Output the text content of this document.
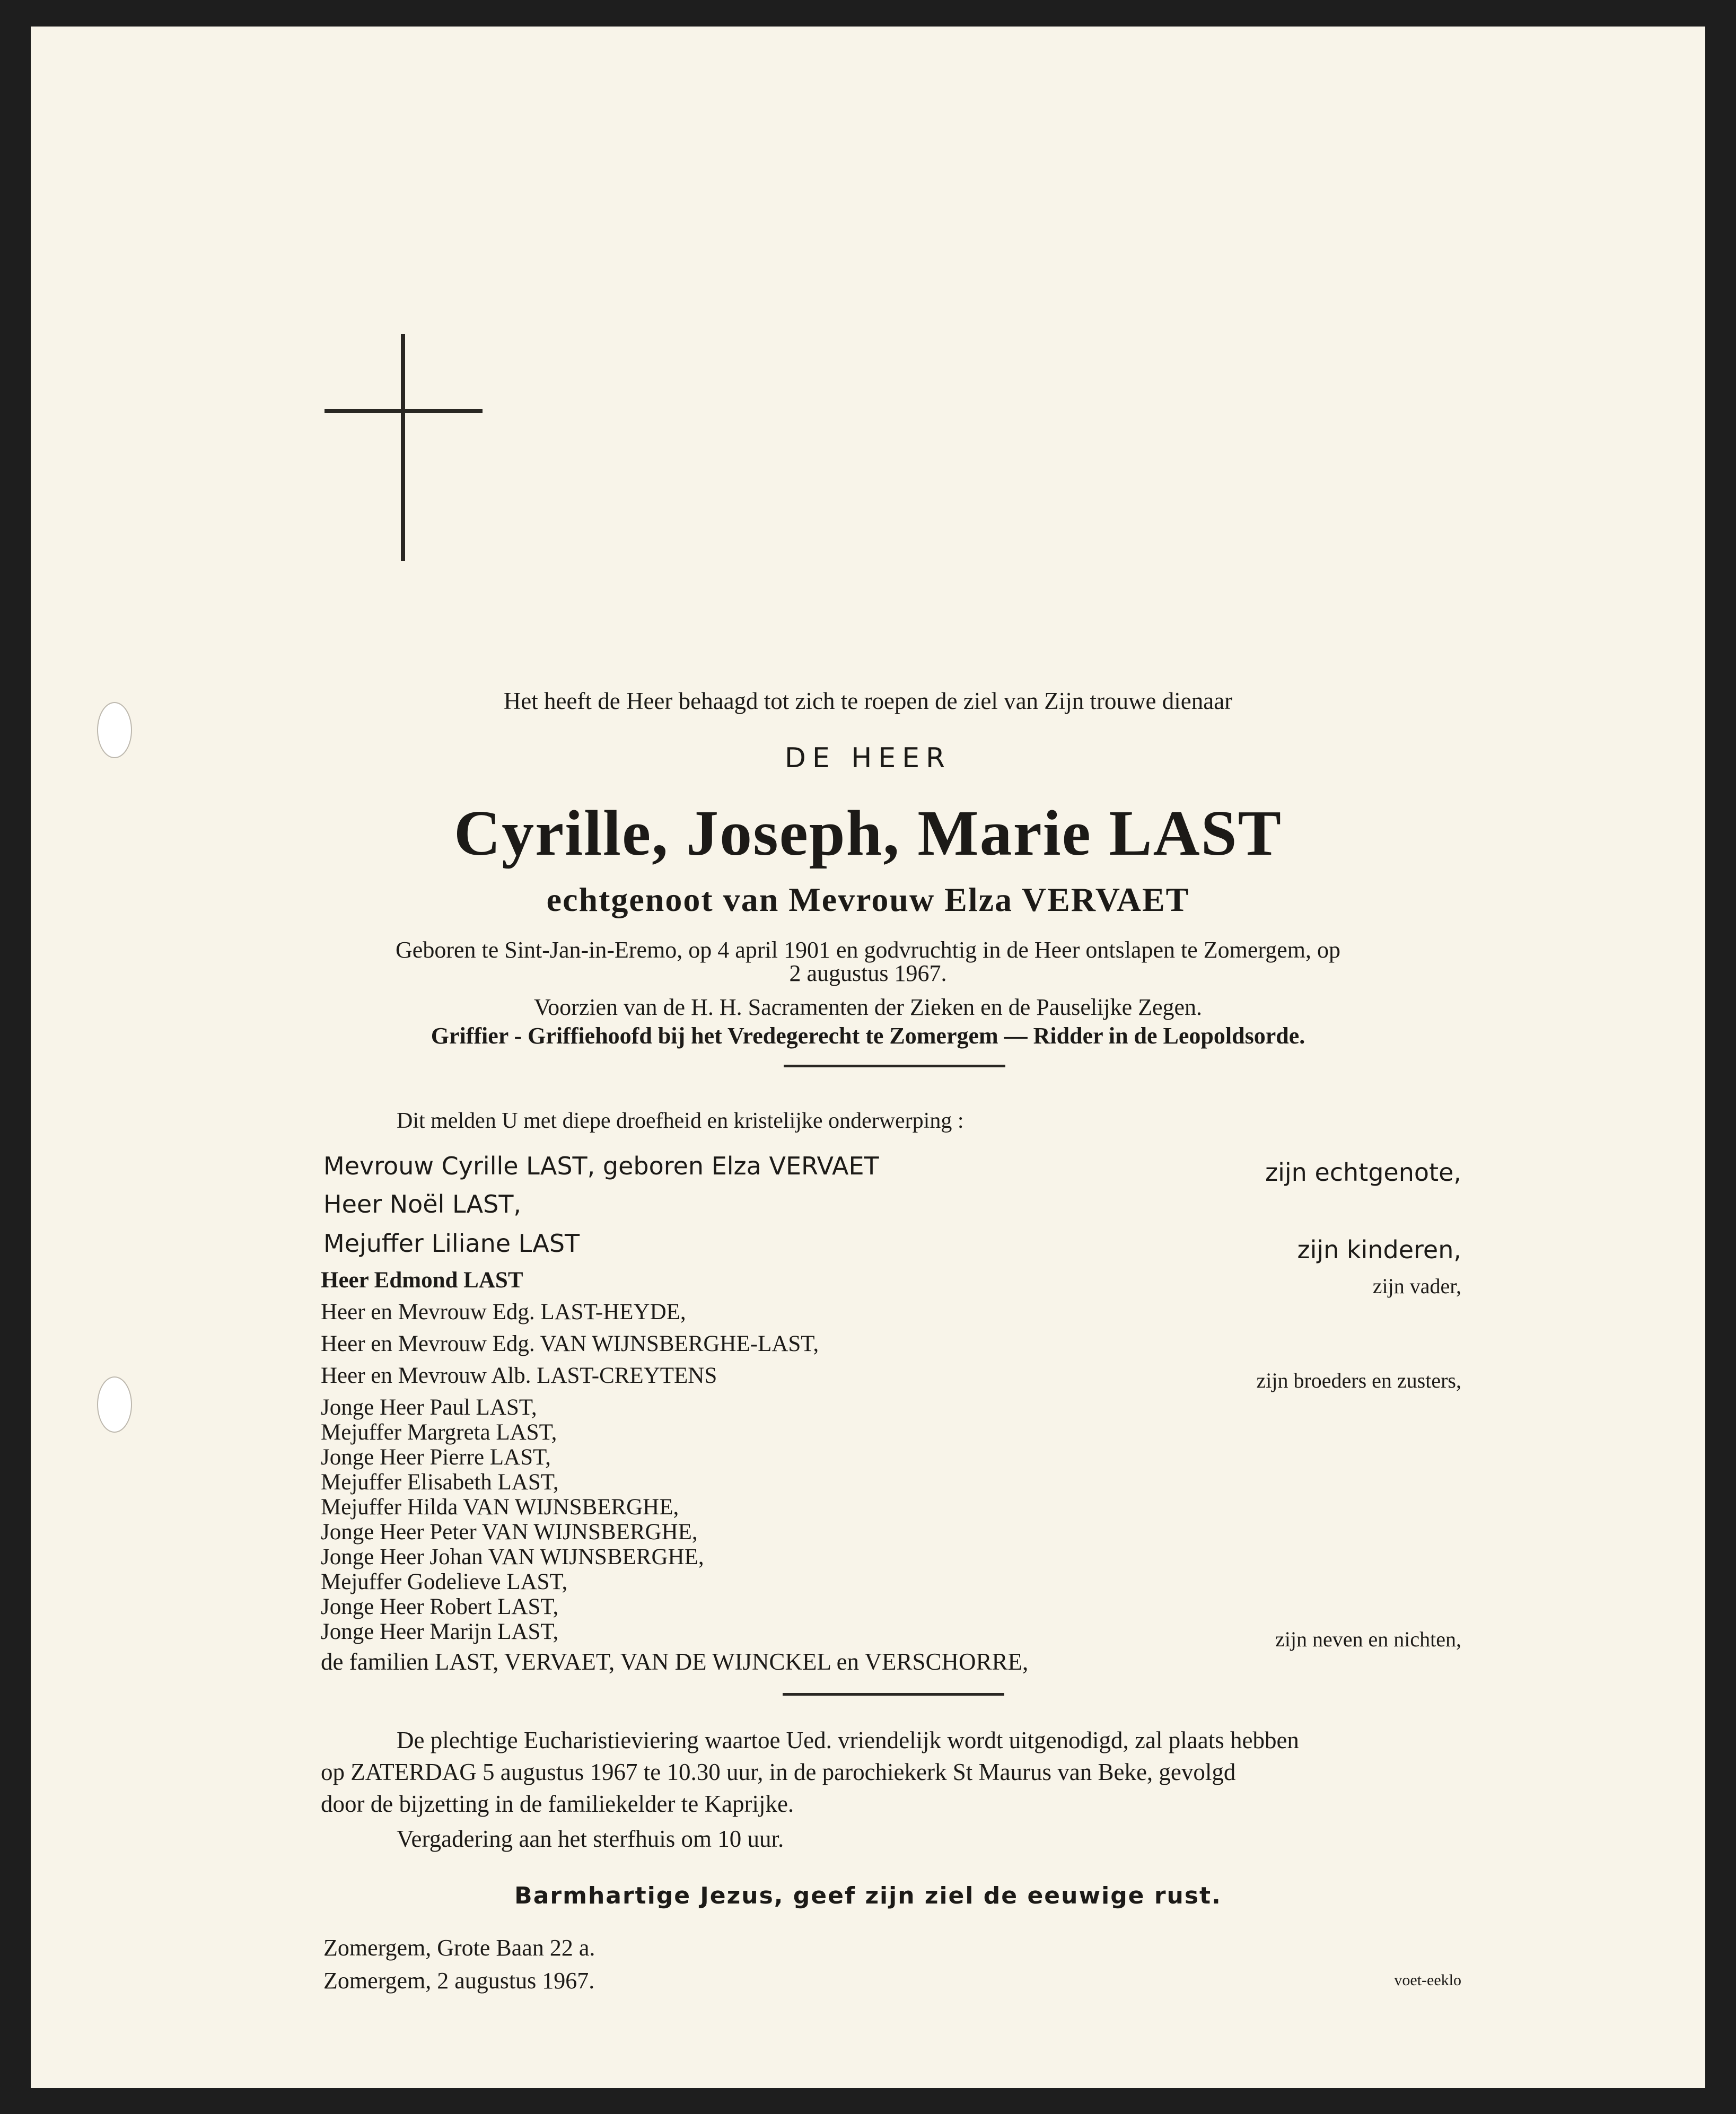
Het heeft de Heer behaagd tot zich te roepen de ziel van Zijn trouwe dienaar
DE HEER
Cyrille, Joseph, Marie LAST
echtgenoot van Mevrouw Elza VERVAET
Geboren te Sint-Jan-in-Eremo, op 4 april 1901 en godvruchtig in de Heer ontslapen te Zomergem, op
2 augustus 1967.
Voorzien van de H. H. Sacramenten der Zieken en de Pauselijke Zegen.
Griffier - Griffiehoofd bij het Vredegerecht te Zomergem — Ridder in de Leopoldsorde.
Dit melden U met diepe droefheid en kristelijke onderwerping :
Mevrouw Cyrille LAST, geboren Elza VERVAET
Heer Noël LAST,
Mejuffer Liliane LAST
Heer Edmond LAST
Heer en Mevrouw Edg. LAST-HEYDE,
Heer en Mevrouw Edg. VAN WIJNSBERGHE-LAST,
Heer en Mevrouw Alb. LAST-CREYTENS
Jonge Heer Paul LAST,
Mejuffer Margreta LAST,
Jonge Heer Pierre LAST,
Mejuffer Elisabeth LAST,
Mejuffer Hilda VAN WIJNSBERGHE,
Jonge Heer Peter VAN WIJNSBERGHE,
Jonge Heer Johan VAN WIJNSBERGHE,
Mejuffer Godelieve LAST,
Jonge Heer Robert LAST,
Jonge Heer Marijn LAST,
de familien LAST, VERVAET, VAN DE WIJNCKEL en VERSCHORRE,
zijn echtgenote,
zijn kinderen,
zijn vader,
zijn broeders en zusters,
zijn neven en nichten,
De plechtige Eucharistieviering waartoe Ued. vriendelijk wordt uitgenodigd, zal plaats hebben
op ZATERDAG 5 augustus 1967 te 10.30 uur, in de parochiekerk St Maurus van Beke, gevolgd
door de bijzetting in de familiekelder te Kaprijke.
Vergadering aan het sterfhuis om 10 uur.
Barmhartige Jezus, geef zijn ziel de eeuwige rust.
Zomergem, Grote Baan 22 a.
Zomergem, 2 augustus 1967.	voet-eeklo
